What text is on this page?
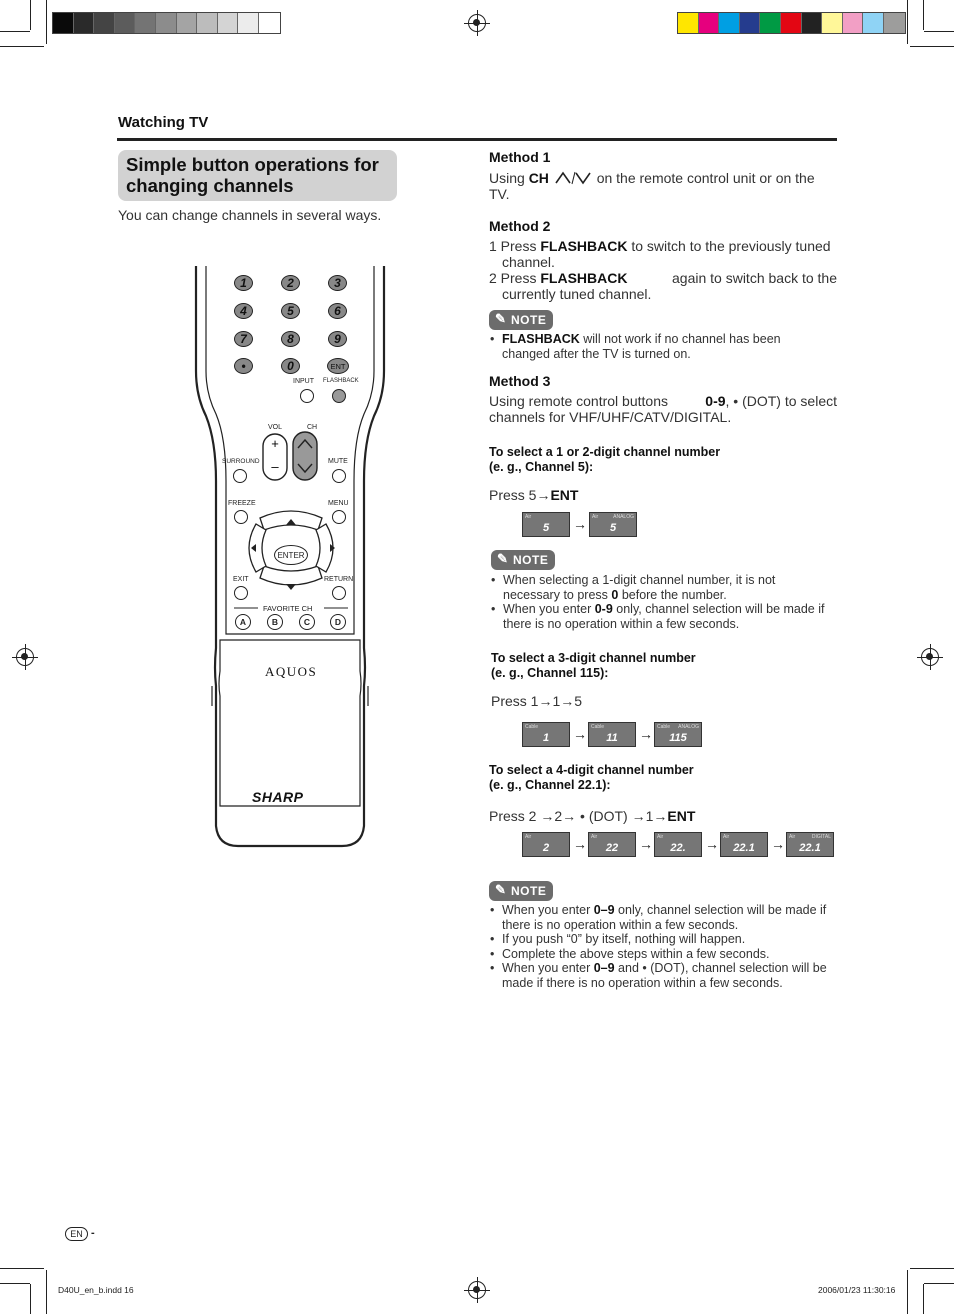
Watching TV
Simple button operations for
changing channels
You can change channels in several ways.
+
–
1	2	3
4	5	6
7	8	9
•	0	ENT
INPUT FLASHBACK
VOL	CH
SURROUND	MUTE
FREEZE	MENU
ENTER
EXIT	RETURN
FAVORITE CH
A	B	C	D
AQUOS
SHARP
Method 1
Using CH	on the remote control unit or on the
TV.
Method 2
1 Press FLASHBACK to switch to the previously tuned
channel.
2 Press FLASHBACK	again to switch back to the
currently tuned channel.
✎ NOTE
• FLASHBACK will not work if no channel has been
changed after the TV is turned on.
Method 3
Using remote control buttons	0-9, • (DOT) to select
channels for VHF/UHF/CATV/DIGITAL.
To select a 1 or 2-digit channel number
(e. g., Channel 5):
Press 5→ENT
Air
5	→ Air	ANALOG
5
✎ NOTE
• When selecting a 1-digit channel number, it is not
necessary to press 0 before the number.
• When you enter 0-9 only, channel selection will be made if
there is no operation within a few seconds.
To select a 3-digit channel number
(e. g., Channel 115):
Press 1→1→5
Cable
1	→ Cable
11	→ Cable ANALOG
115
To select a 4-digit channel number
(e. g., Channel 22.1):
Press 2 →2→ • (DOT) →1→ENT
Air
2	→ Air
22	→ Air
22.	→ Air
22.1	→ Air	DIGITAL
22.1
✎ NOTE
• When you enter 0–9 only, channel selection will be made if
there is no operation within a few seconds.
• If you push “0” by itself, nothing will happen.
• Complete the above steps within a few seconds.
• When you enter 0–9 and • (DOT), channel selection will be
made if there is no operation within a few seconds.
EN -
D40U_en_b.indd 16	2006/01/23 11:30:16
